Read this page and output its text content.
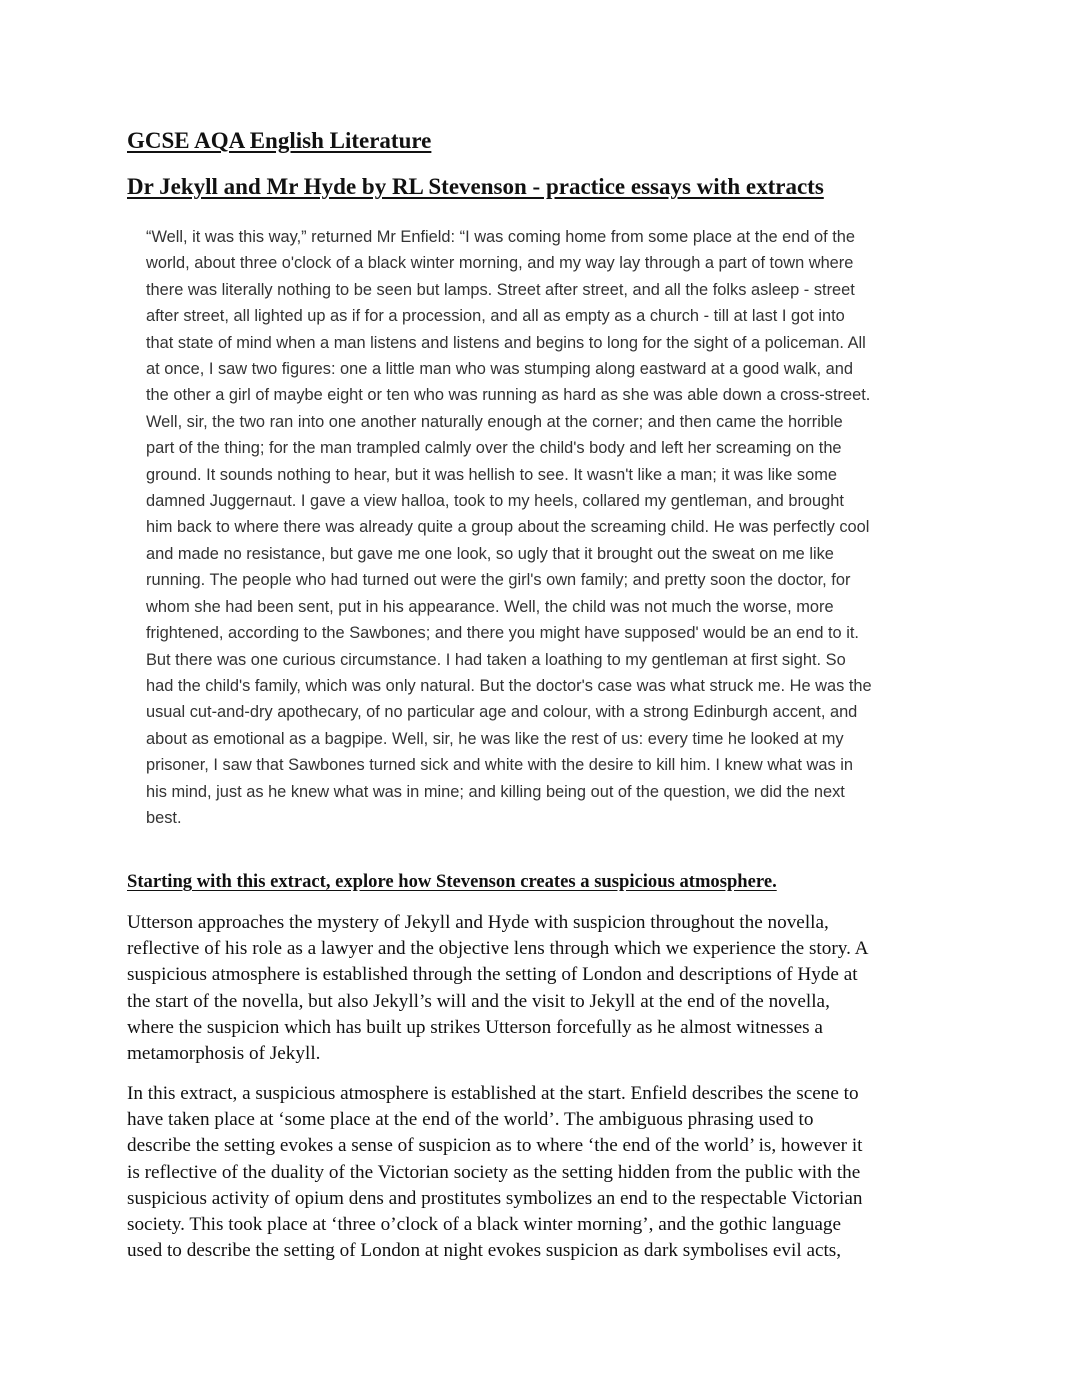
GCSE AQA English Literature
Dr Jekyll and Mr Hyde by RL Stevenson - practice essays with extracts
“Well, it was this way,” returned Mr Enfield: “I was coming home from some place at the end of the
world, about three o'clock of a black winter morning, and my way lay through a part of town where
there was literally nothing to be seen but lamps. Street after street, and all the folks asleep - street
after street, all lighted up as if for a procession, and all as empty as a church - till at last I got into
that state of mind when a man listens and listens and begins to long for the sight of a policeman. All
at once, I saw two figures: one a little man who was stumping along eastward at a good walk, and
the other a girl of maybe eight or ten who was running as hard as she was able down a cross-street.
Well, sir, the two ran into one another naturally enough at the corner; and then came the horrible
part of the thing; for the man trampled calmly over the child's body and left her screaming on the
ground. It sounds nothing to hear, but it was hellish to see. It wasn't like a man; it was like some
damned Juggernaut. I gave a view halloa, took to my heels, collared my gentleman, and brought
him back to where there was already quite a group about the screaming child. He was perfectly cool
and made no resistance, but gave me one look, so ugly that it brought out the sweat on me like
running. The people who had turned out were the girl's own family; and pretty soon the doctor, for
whom she had been sent, put in his appearance. Well, the child was not much the worse, more
frightened, according to the Sawbones; and there you might have supposed' would be an end to it.
But there was one curious circumstance. I had taken a loathing to my gentleman at first sight. So
had the child's family, which was only natural. But the doctor's case was what struck me. He was the
usual cut-and-dry apothecary, of no particular age and colour, with a strong Edinburgh accent, and
about as emotional as a bagpipe. Well, sir, he was like the rest of us: every time he looked at my
prisoner, I saw that Sawbones turned sick and white with the desire to kill him. I knew what was in
his mind, just as he knew what was in mine; and killing being out of the question, we did the next
best.
Starting with this extract, explore how Stevenson creates a suspicious atmosphere.
Utterson approaches the mystery of Jekyll and Hyde with suspicion throughout the novella,
reflective of his role as a lawyer and the objective lens through which we experience the story. A
suspicious atmosphere is established through the setting of London and descriptions of Hyde at
the start of the novella, but also Jekyll’s will and the visit to Jekyll at the end of the novella,
where the suspicion which has built up strikes Utterson forcefully as he almost witnesses a
metamorphosis of Jekyll.
In this extract, a suspicious atmosphere is established at the start. Enfield describes the scene to
have taken place at ‘some place at the end of the world’. The ambiguous phrasing used to
describe the setting evokes a sense of suspicion as to where ‘the end of the world’ is, however it
is reflective of the duality of the Victorian society as the setting hidden from the public with the
suspicious activity of opium dens and prostitutes symbolizes an end to the respectable Victorian
society. This took place at ‘three o’clock of a black winter morning’, and the gothic language
used to describe the setting of London at night evokes suspicion as dark symbolises evil acts,
